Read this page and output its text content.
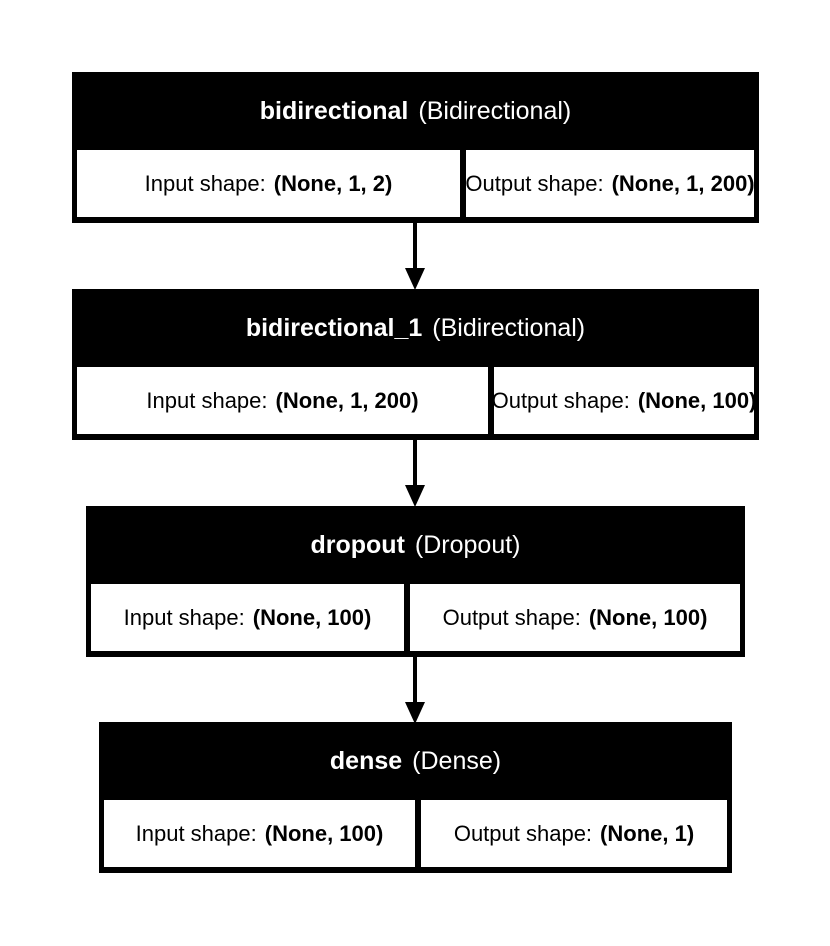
bidirectional (Bidirectional)
Input shape: (None, 1, 2)	Output shape: (None, 1, 200)
bidirectional_1 (Bidirectional)
Input shape: (None, 1, 200)	Output shape: (None, 100)
dropout (Dropout)
Input shape: (None, 100)	Output shape: (None, 100)
dense (Dense)
Input shape: (None, 100)	Output shape: (None, 1)
